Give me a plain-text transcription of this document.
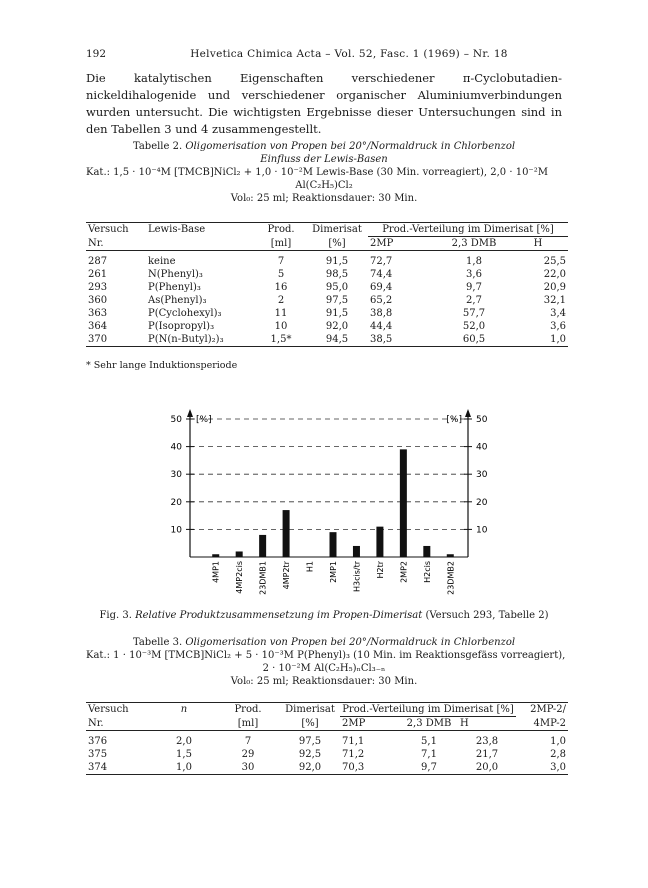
192	Helvetica Chimica Acta – Vol. 52, Fasc. 1 (1969) – Nr. 18

Die katalytischen Eigenschaften verschiedener π-Cyclobutadien-nickeldihalogenide und verschiedener organischer Aluminiumverbindungen wurden untersucht. Die wichtigsten Ergebnisse dieser Untersuchungen sind in den Tabellen 3 und 4 zusammengestellt.

Tabelle 2. Oligomerisation von Propen bei 20°/Normaldruck in Chlorbenzol
Einfluss der Lewis-Basen
Kat.: 1,5 · 10⁻⁴M [TMCB]NiCl₂ + 1,0 · 10⁻²M Lewis-Base (30 Min. vorreagiert), 2,0 · 10⁻²M
Al(C₂H₅)Cl₂
Vol₀: 25 ml; Reaktionsdauer: 30 Min.
Versuch	Lewis-Base	Prod.	Dimerisat	Prod.-Verteilung im Dimerisat [%]		
Nr.		[ml]	[%]	2MP	2,3 DMB	H

287	keine	7	91,5	72,7	1,8	25,5
261	N(Phenyl)₃	5	98,5	74,4	3,6	22,0
293	P(Phenyl)₃	16	95,0	69,4	9,7	20,9
360	As(Phenyl)₃	2	97,5	65,2	2,7	32,1
363	P(Cyclohexyl)₃	11	91,5	38,8	57,7	3,4
364	P(Isopropyl)₃	10	92,0	44,4	52,0	3,6
370	P(N(n-Butyl)₂)₃	1,5*	94,5	38,5	60,5	1,0
* Sehr lange Induktionsperiode
10	10
20	20
30	30
40	40
50	50
[%]	[%]
4MP1 4MP2cis 23DMB1 4MP2tr H1 2MP1 H3cis/tr H2tr 2MP2 H2cis 23DMB2
Fig. 3. Relative Produktzusammensetzung im Propen-Dimerisat (Versuch 293, Tabelle 2)
Tabelle 3. Oligomerisation von Propen bei 20°/Normaldruck in Chlorbenzol
Kat.: 1 · 10⁻³M [TMCB]NiCl₂ + 5 · 10⁻³M P(Phenyl)₃ (10 Min. im Reaktionsgefäss vorreagiert),
2 · 10⁻²M Al(C₂H₅)ₙCl₃₋ₙ
Vol₀: 25 ml; Reaktionsdauer: 30 Min.
Versuch	n	Prod.	Dimerisat	Prod.-Verteilung im Dimerisat [%]			2MP-2/
Nr.		[ml]	[%]	2MP	2,3 DMB	H	4MP-2

376	2,0	7	97,5	71,1	5,1	23,8	1,0
375	1,5	29	92,5	71,2	7,1	21,7	2,8
374	1,0	30	92,0	70,3	9,7	20,0	3,0
